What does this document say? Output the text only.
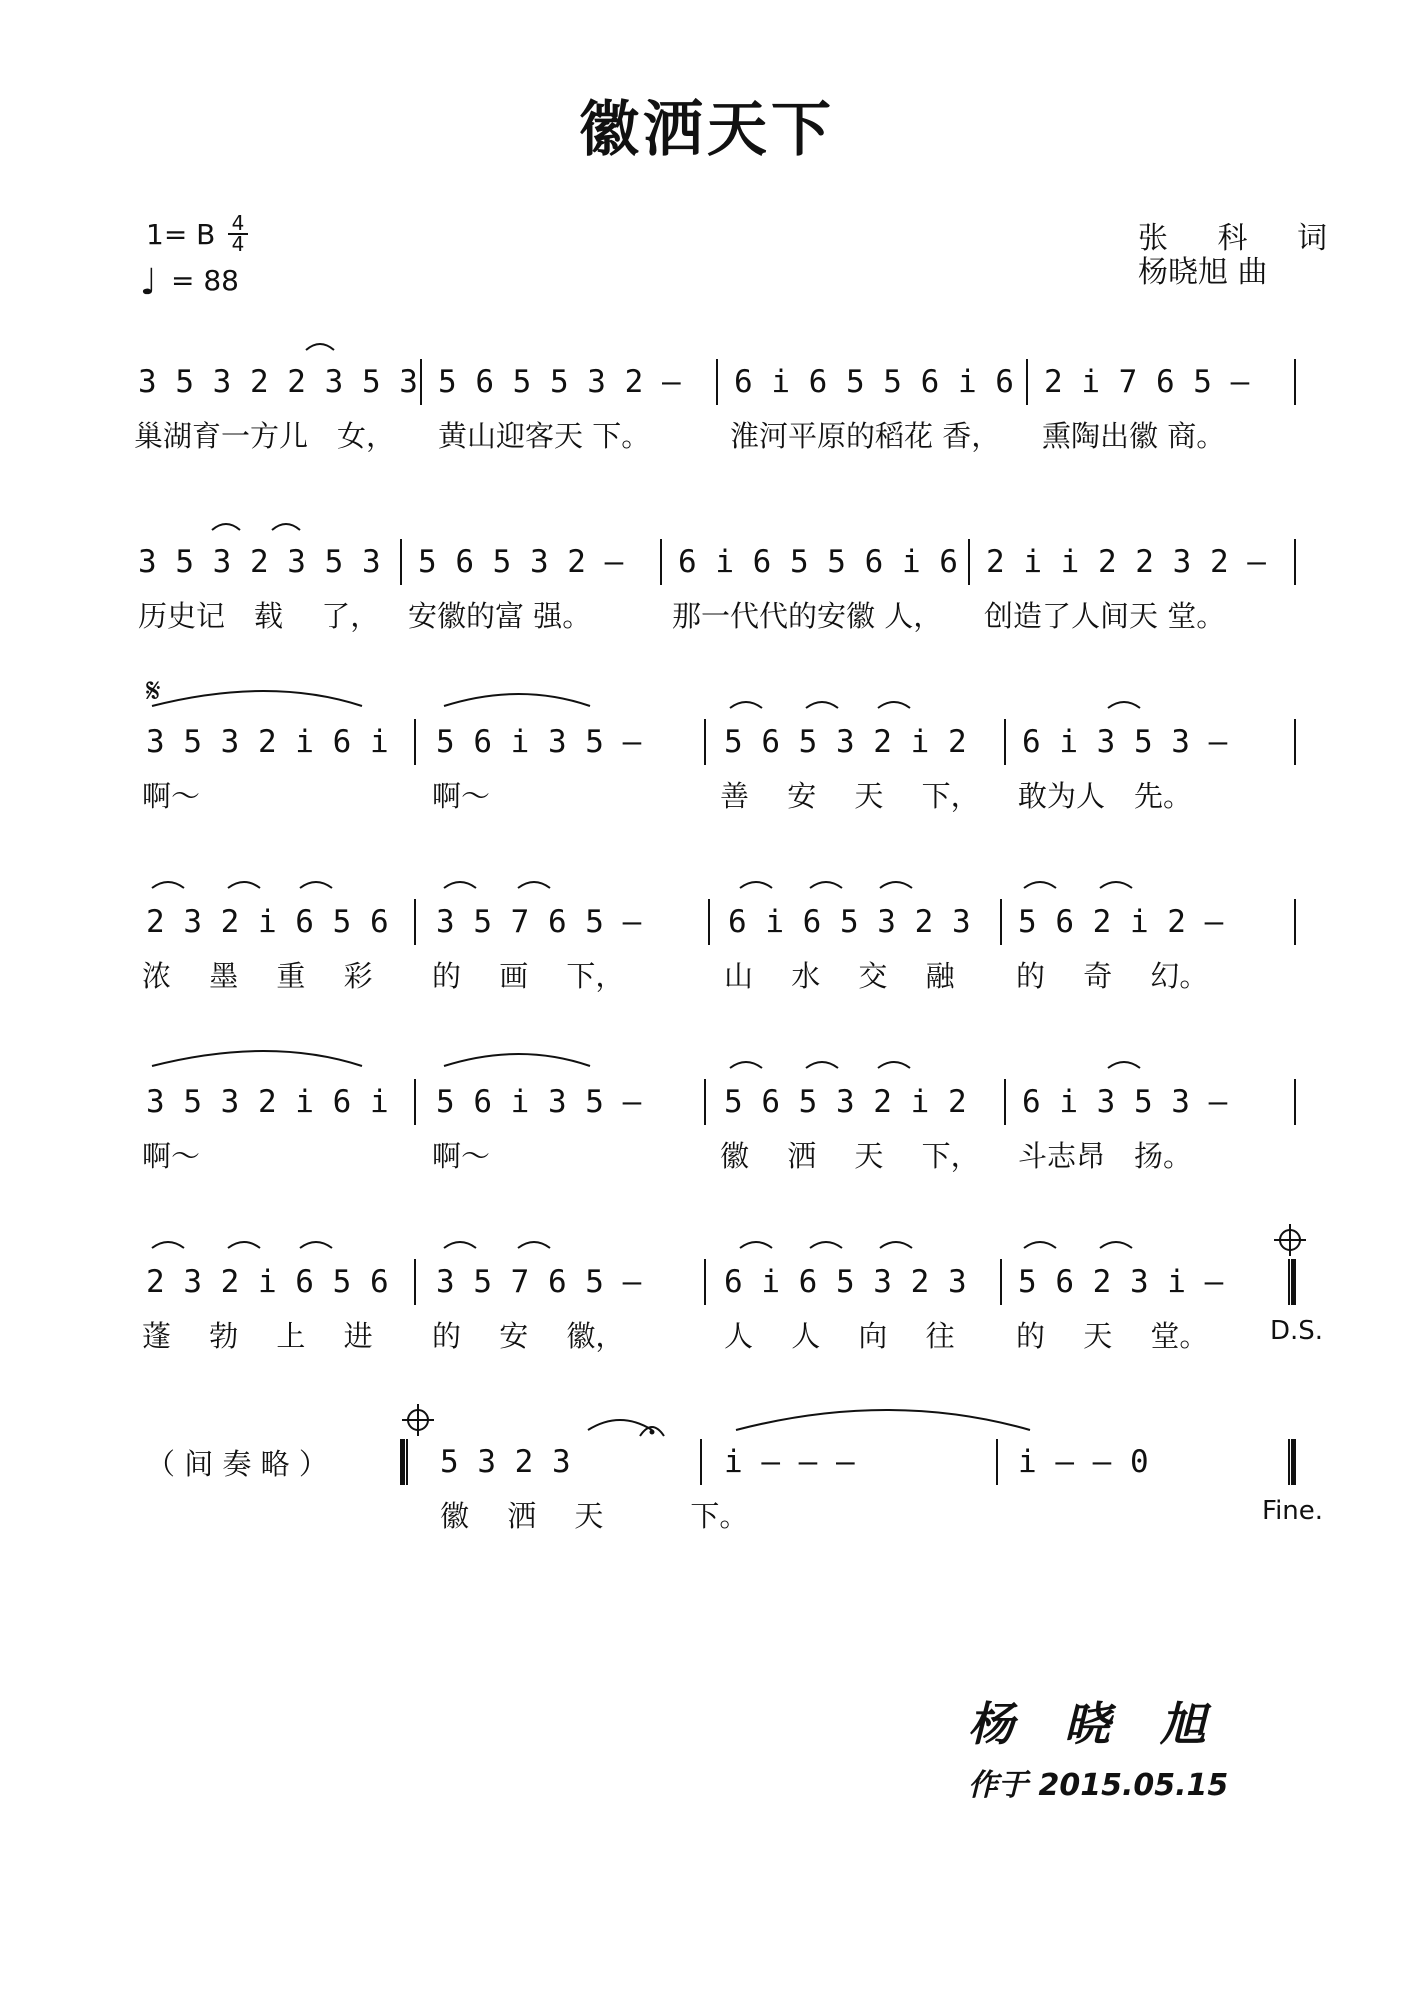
徽洒天下
1= B 4
4
♩ = 88
张 科 词
杨晓旭 曲
3 5 3 2 2 3 5 3 5 6 5 5 3 2 – 6 i 6 5 5 6 i 6 2 i 7 6 5 –
巢湖育一方儿　女， 黄山迎客天 下。	淮河平原的稻花 香， 熏陶出徽 商。
3 5 3 2 3 5 3 5 6 5 3 2 – 6 i 6 5 5 6 i 6 2 i i 2 2 3 2 –
历史记　载　 了， 安徽的富 强。	那一代代的安徽 人， 创造了人间天 堂。
3 5 3 2 i 6 i 5 6 i 3 5 –	5 6 5 3 2 i 2 6 i 3 5 3 –
啊～	啊～	善　 安　 天　 下， 敢为人　先。
2 3 2 i 6 5 6 3 5 7 6 5 –	6 i 6 5 3 2 3 5 6 2 i 2 –
浓　 墨　 重　 彩 的　 画　 下，	山　 水　 交　 融 的　 奇　 幻。
3 5 3 2 i 6 i 5 6 i 3 5 –	5 6 5 3 2 i 2 6 i 3 5 3 –
啊～	啊～	徽　 洒　 天　 下， 斗志昂　扬。
2 3 2 i 6 5 6 3 5 7 6 5 –	6 i 6 5 3 2 3 5 6 2 3 i –
蓬　 勃　 上　 进 的　 安　 徽，	人　 人　 向　 往 的　 天　 堂。 D.S.
（ 间 奏 略 ）	5 3 2 3	i – – –	i – – 0
徽　 洒　 天　　　下。	Fine.
𝄋
杨晓旭
作于 2015.05.15
